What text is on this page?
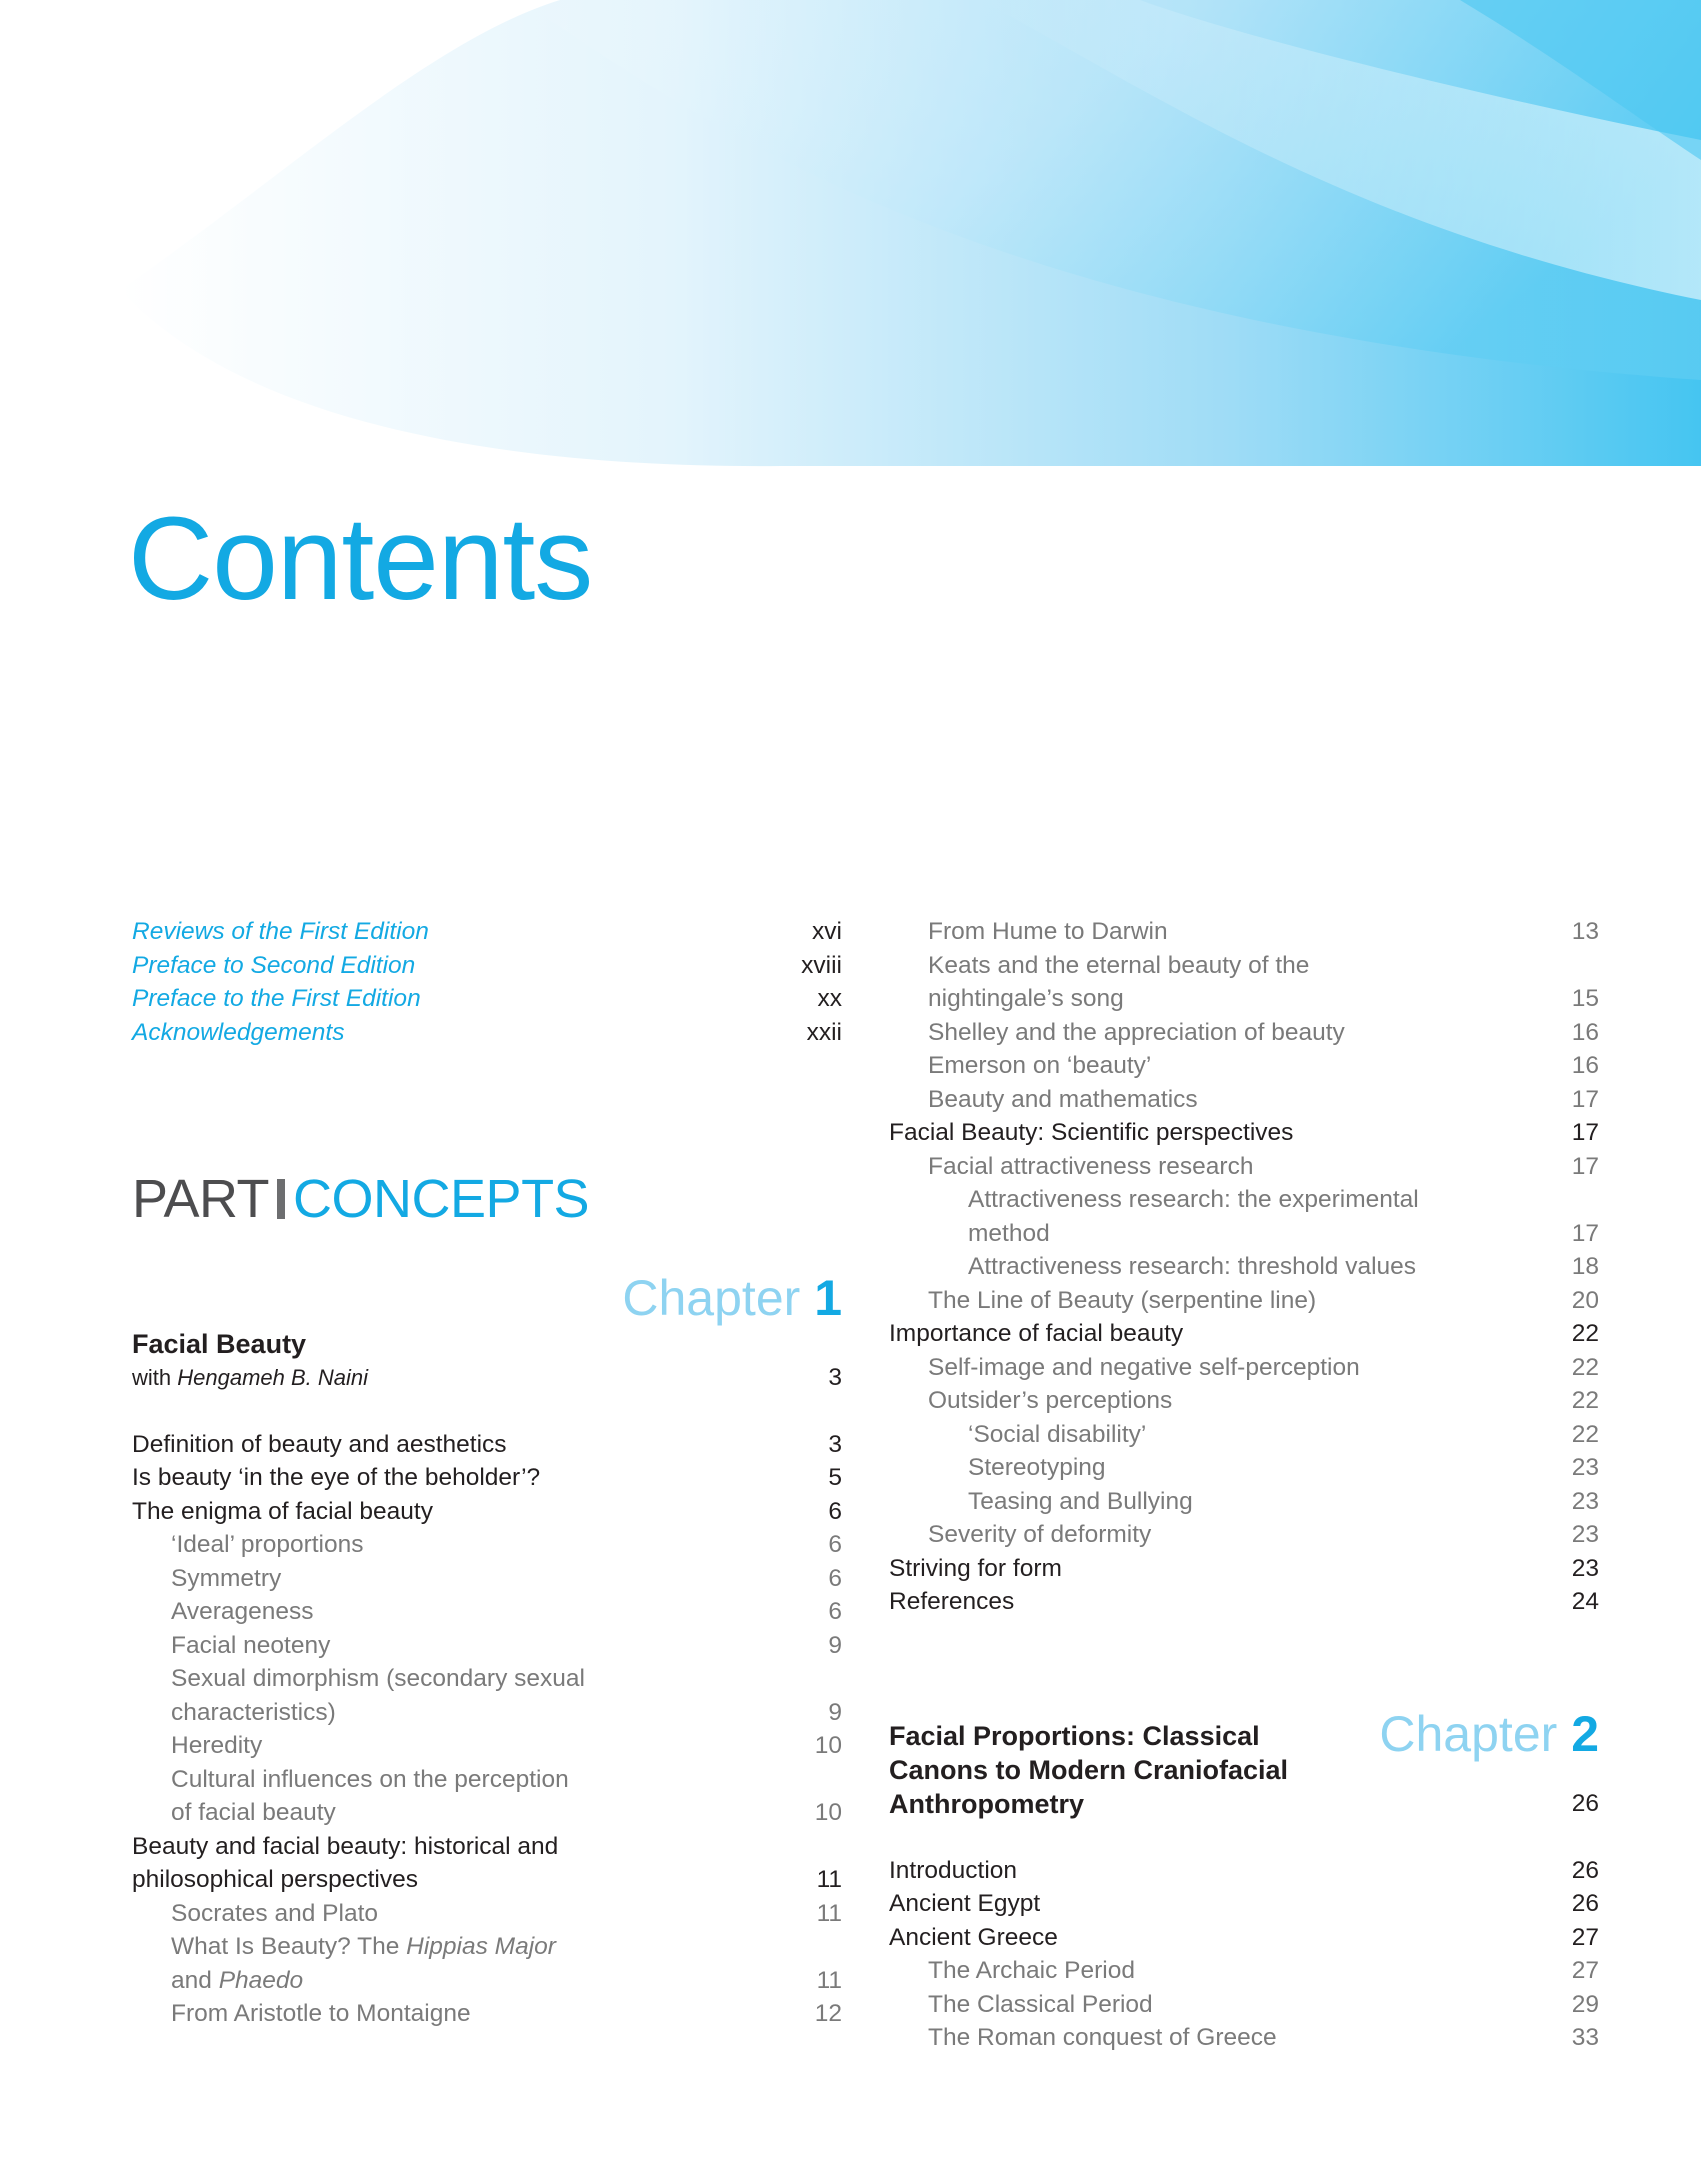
Contents
Reviews of the First Edition	xvi
Preface to Second Edition	xviii
Preface to the First Edition	xx
Acknowledgements	xxii
PART CONCEPTS
Chapter 1
Facial Beauty
with Hengameh B. Naini	3
Definition of beauty and aesthetics	3
Is beauty ‘in the eye of the beholder’?	5
The enigma of facial beauty	6
‘Ideal’ proportions	6
Symmetry	6
Averageness	6
Facial neoteny	9
Sexual dimorphism (secondary sexual
characteristics)	9
Heredity	10
Cultural influences on the perception
of facial beauty	10
Beauty and facial beauty: historical and
philosophical perspectives	11
Socrates and Plato	11
What Is Beauty? The Hippias Major
and Phaedo	11
From Aristotle to Montaigne	12
From Hume to Darwin	13
Keats and the eternal beauty of the
nightingale’s song	15
Shelley and the appreciation of beauty	16
Emerson on ‘beauty’	16
Beauty and mathematics	17
Facial Beauty: Scientific perspectives	17
Facial attractiveness research	17
Attractiveness research: the experimental
method	17
Attractiveness research: threshold values	18
The Line of Beauty (serpentine line)	20
Importance of facial beauty	22
Self-image and negative self-perception	22
Outsider’s perceptions	22
‘Social disability’	22
Stereotyping	23
Teasing and Bullying	23
Severity of deformity	23
Striving for form	23
References	24
Chapter 2
Facial Proportions: Classical
Canons to Modern Craniofacial
Anthropometry	26
Introduction	26
Ancient Egypt	26
Ancient Greece	27
The Archaic Period	27
The Classical Period	29
The Roman conquest of Greece	33
